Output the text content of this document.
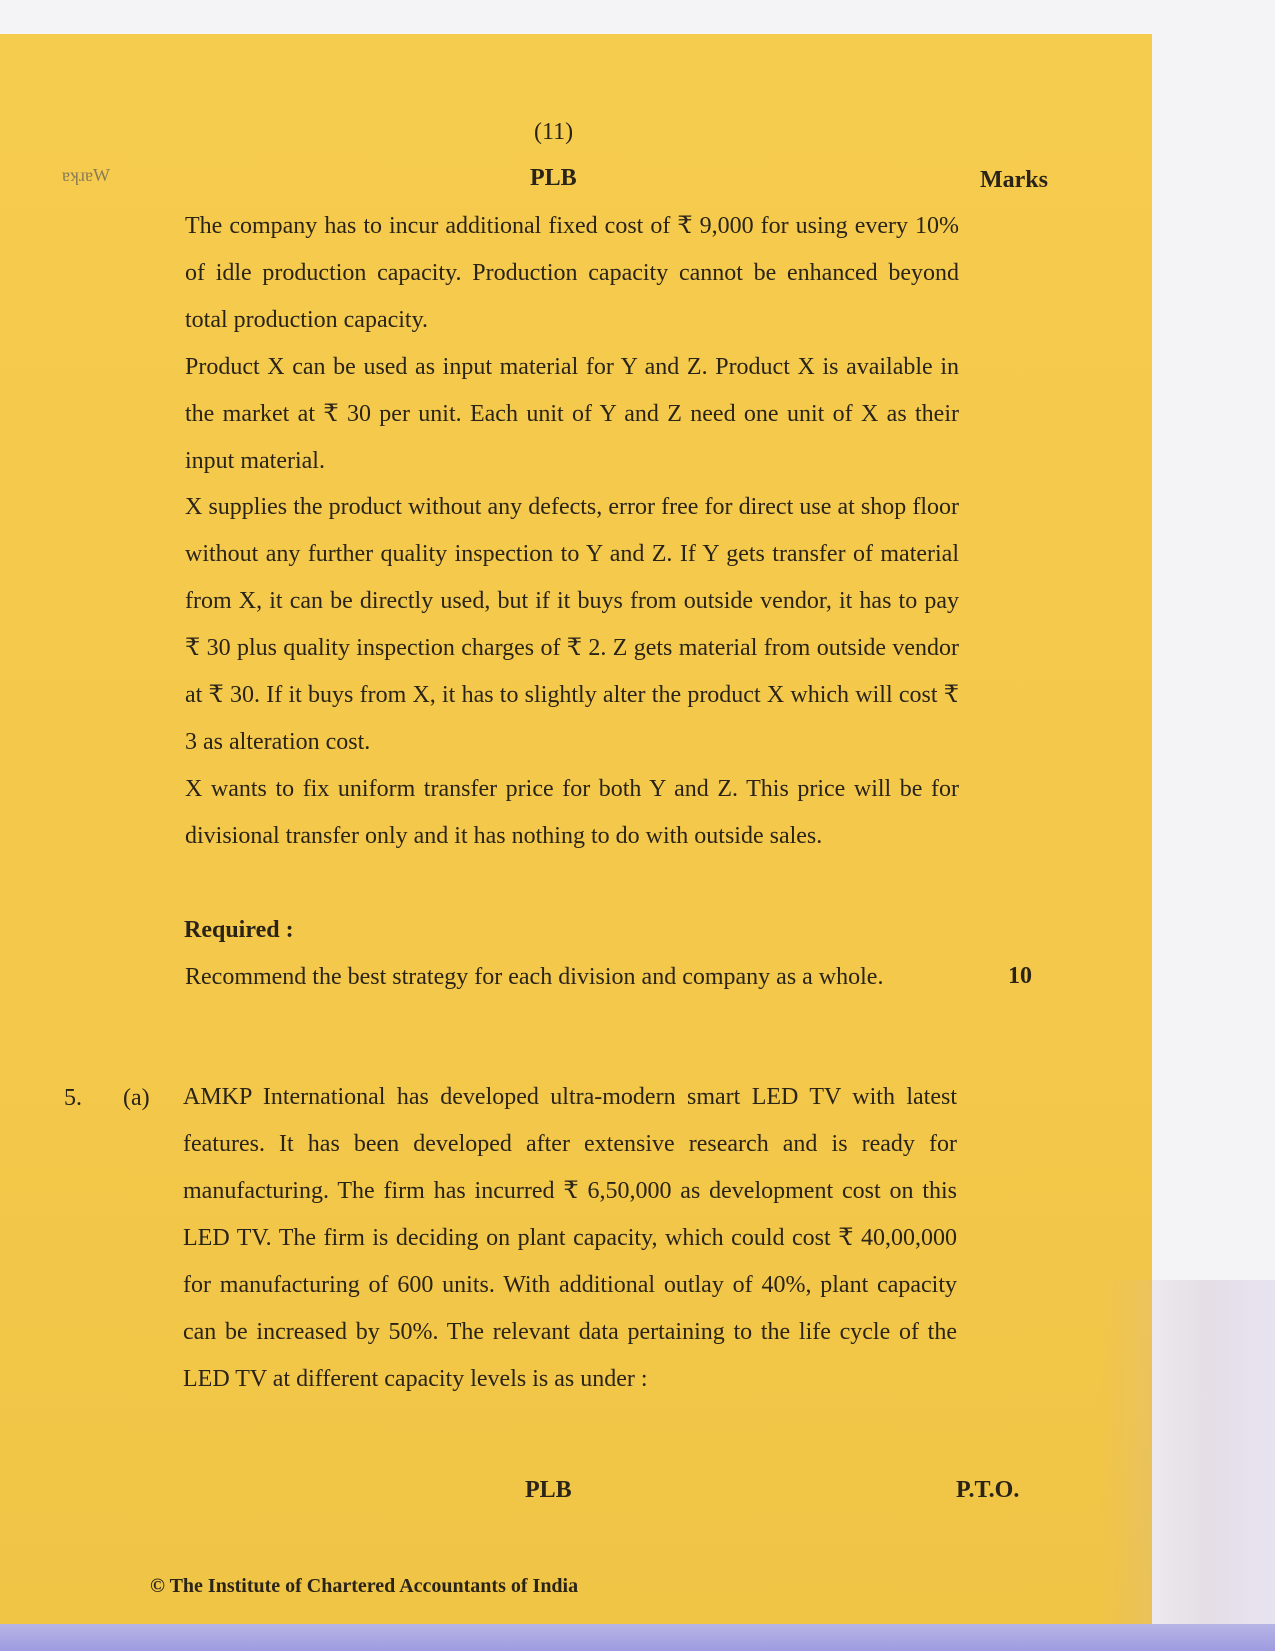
ɐʞɹɐW
(11)
PLB	Marks
The company has to incur additional fixed cost of ₹ 9,000 for using every 10% of idle production capacity. Production capacity cannot be enhanced beyond total production capacity.
Product X can be used as input material for Y and Z. Product X is available in the market at ₹ 30 per unit. Each unit of Y and Z need one unit of X as their input material.
X supplies the product without any defects, error free for direct use at shop floor without any further quality inspection to Y and Z. If Y gets transfer of material from X, it can be directly used, but if it buys from outside vendor, it has to pay ₹ 30 plus quality inspection charges of ₹ 2. Z gets material from outside vendor at ₹ 30. If it buys from X, it has to slightly alter the product X which will cost ₹ 3 as alteration cost.
X wants to fix uniform transfer price for both Y and Z. This price will be for divisional transfer only and it has nothing to do with outside sales.
Required :
Recommend the best strategy for each division and company as a whole.	10
5. (a) AMKP International has developed ultra-modern smart LED TV with latest features. It has been developed after extensive research and is ready for manufacturing. The firm has incurred ₹ 6,50,000 as development cost on this LED TV. The firm is deciding on plant capacity, which could cost ₹ 40,00,000 for manufacturing of 600 units. With additional outlay of 40%, plant capacity can be increased by 50%. The relevant data pertaining to the life cycle of the LED TV at different capacity levels is as under :
PLB	P.T.O.
© The Institute of Chartered Accountants of India
